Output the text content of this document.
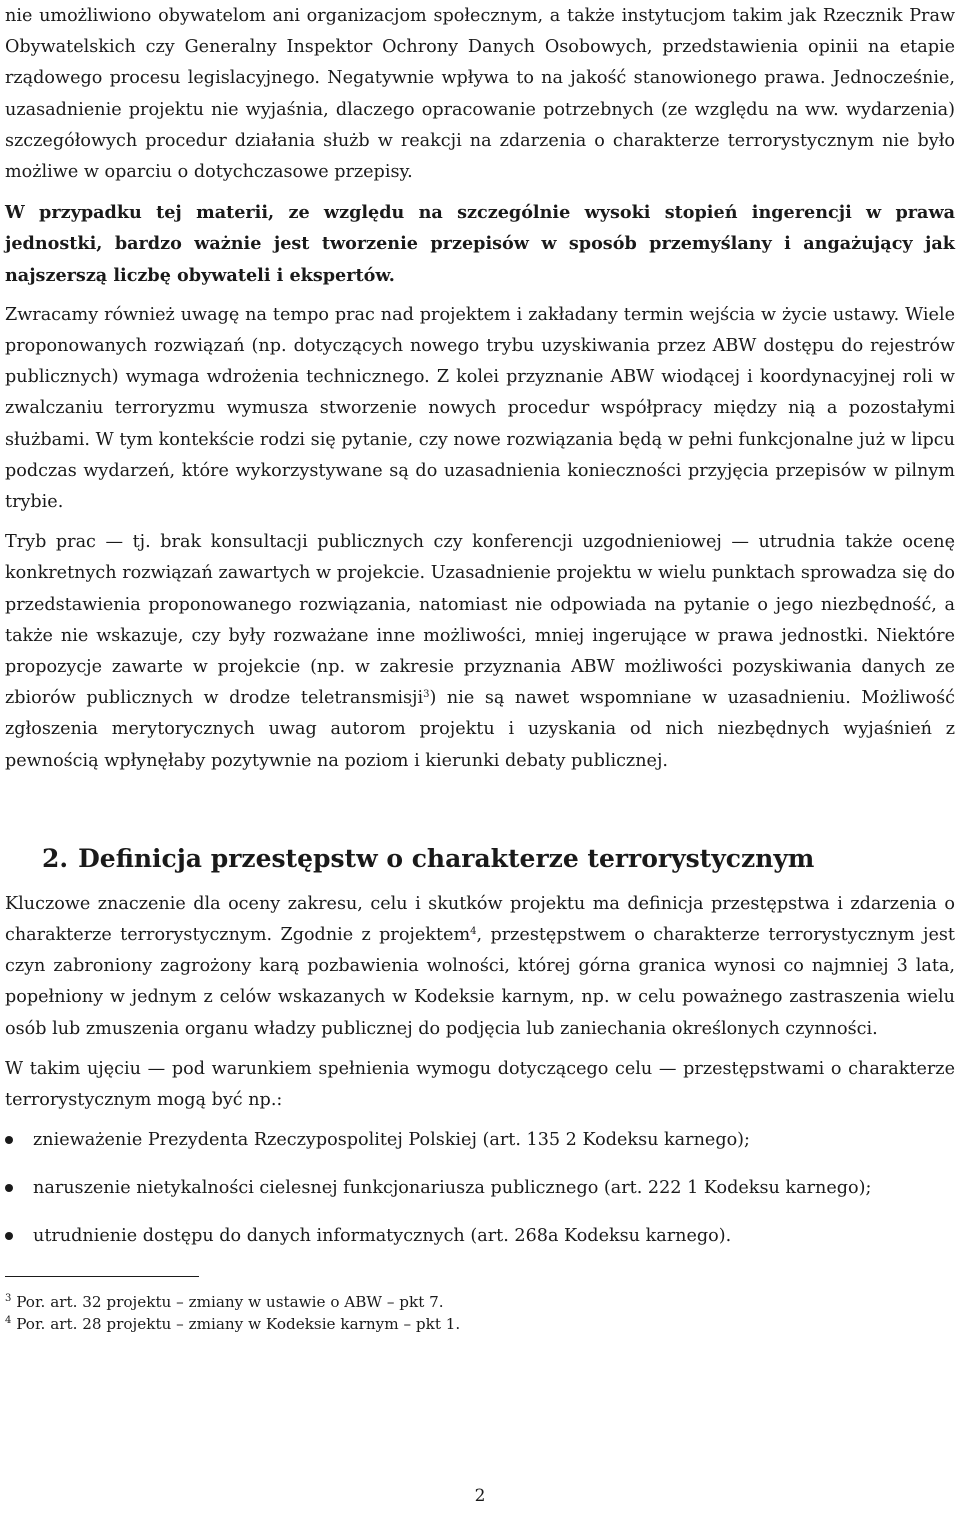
nie umożliwiono obywatelom ani organizacjom społecznym, a także instytucjom takim jak Rzecznik Praw Obywatelskich czy Generalny Inspektor Ochrony Danych Osobowych, przedstawienia opinii na etapie rządowego procesu legislacyjnego. Negatywnie wpływa to na jakość stanowionego prawa. Jednocześnie, uzasadnienie projektu nie wyjaśnia, dlaczego opracowanie potrzebnych (ze względu na ww. wydarzenia) szczegółowych procedur działania służb w reakcji na zdarzenia o charakterze terrorystycznym nie było możliwe w oparciu o dotychczasowe przepisy.

W przypadku tej materii, ze względu na szczególnie wysoki stopień ingerencji w prawa jednostki, bardzo ważnie jest tworzenie przepisów w sposób przemyślany i angażujący jak najszerszą liczbę obywateli i ekspertów.

Zwracamy również uwagę na tempo prac nad projektem i zakładany termin wejścia w życie ustawy. Wiele proponowanych rozwiązań (np. dotyczących nowego trybu uzyskiwania przez ABW dostępu do rejestrów publicznych) wymaga wdrożenia technicznego. Z kolei przyznanie ABW wiodącej i koordynacyjnej roli w zwalczaniu terroryzmu wymusza stworzenie nowych procedur współpracy między nią a pozostałymi służbami. W tym kontekście rodzi się pytanie, czy nowe rozwiązania będą w pełni funkcjonalne już w lipcu podczas wydarzeń, które wykorzystywane są do uzasadnienia konieczności przyjęcia przepisów w pilnym trybie.

Tryb prac — tj. brak konsultacji publicznych czy konferencji uzgodnieniowej — utrudnia także ocenę konkretnych rozwiązań zawartych w projekcie. Uzasadnienie projektu w wielu punktach sprowadza się do przedstawienia proponowanego rozwiązania, natomiast nie odpowiada na pytanie o jego niezbędność, a także nie wskazuje, czy były rozważane inne możliwości, mniej ingerujące w prawa jednostki. Niektóre propozycje zawarte w projekcie (np. w zakresie przyznania ABW możliwości pozyskiwania danych ze zbiorów publicznych w drodze teletransmisji$^3$) nie są nawet wspomniane w uzasadnieniu. Możliwość zgłoszenia merytorycznych uwag autorom projektu i uzyskania od nich niezbędnych wyjaśnień z pewnością wpłynęłaby pozytywnie na poziom i kierunki debaty publicznej.

2. Definicja przestępstw o charakterze terrorystycznym

Kluczowe znaczenie dla oceny zakresu, celu i skutków projektu ma definicja przestępstwa i zdarzenia o charakterze terrorystycznym. Zgodnie z projektem$^4$, przestępstwem o charakterze terrorystycznym jest czyn zabroniony zagrożony karą pozbawienia wolności, której górna granica wynosi co najmniej 3 lata, popełniony w jednym z celów wskazanych w Kodeksie karnym, np. w celu poważnego zastraszenia wielu osób lub zmuszenia organu władzy publicznej do podjęcia lub zaniechania określonych czynności.

W takim ujęciu — pod warunkiem spełnienia wymogu dotyczącego celu — przestępstwami o charakterze terrorystycznym mogą być np.:

znieważenie Prezydenta Rzeczypospolitej Polskiej (art. 135 2 Kodeksu karnego);
naruszenie nietykalności cielesnej funkcjonariusza publicznego (art. 222 1 Kodeksu karnego);
utrudnienie dostępu do danych informatycznych (art. 268a Kodeksu karnego).
$^3$ Por. art. 32 projektu – zmiany w ustawie o ABW – pkt 7.
$^4$ Por. art. 28 projektu – zmiany w Kodeksie karnym – pkt 1.
2
